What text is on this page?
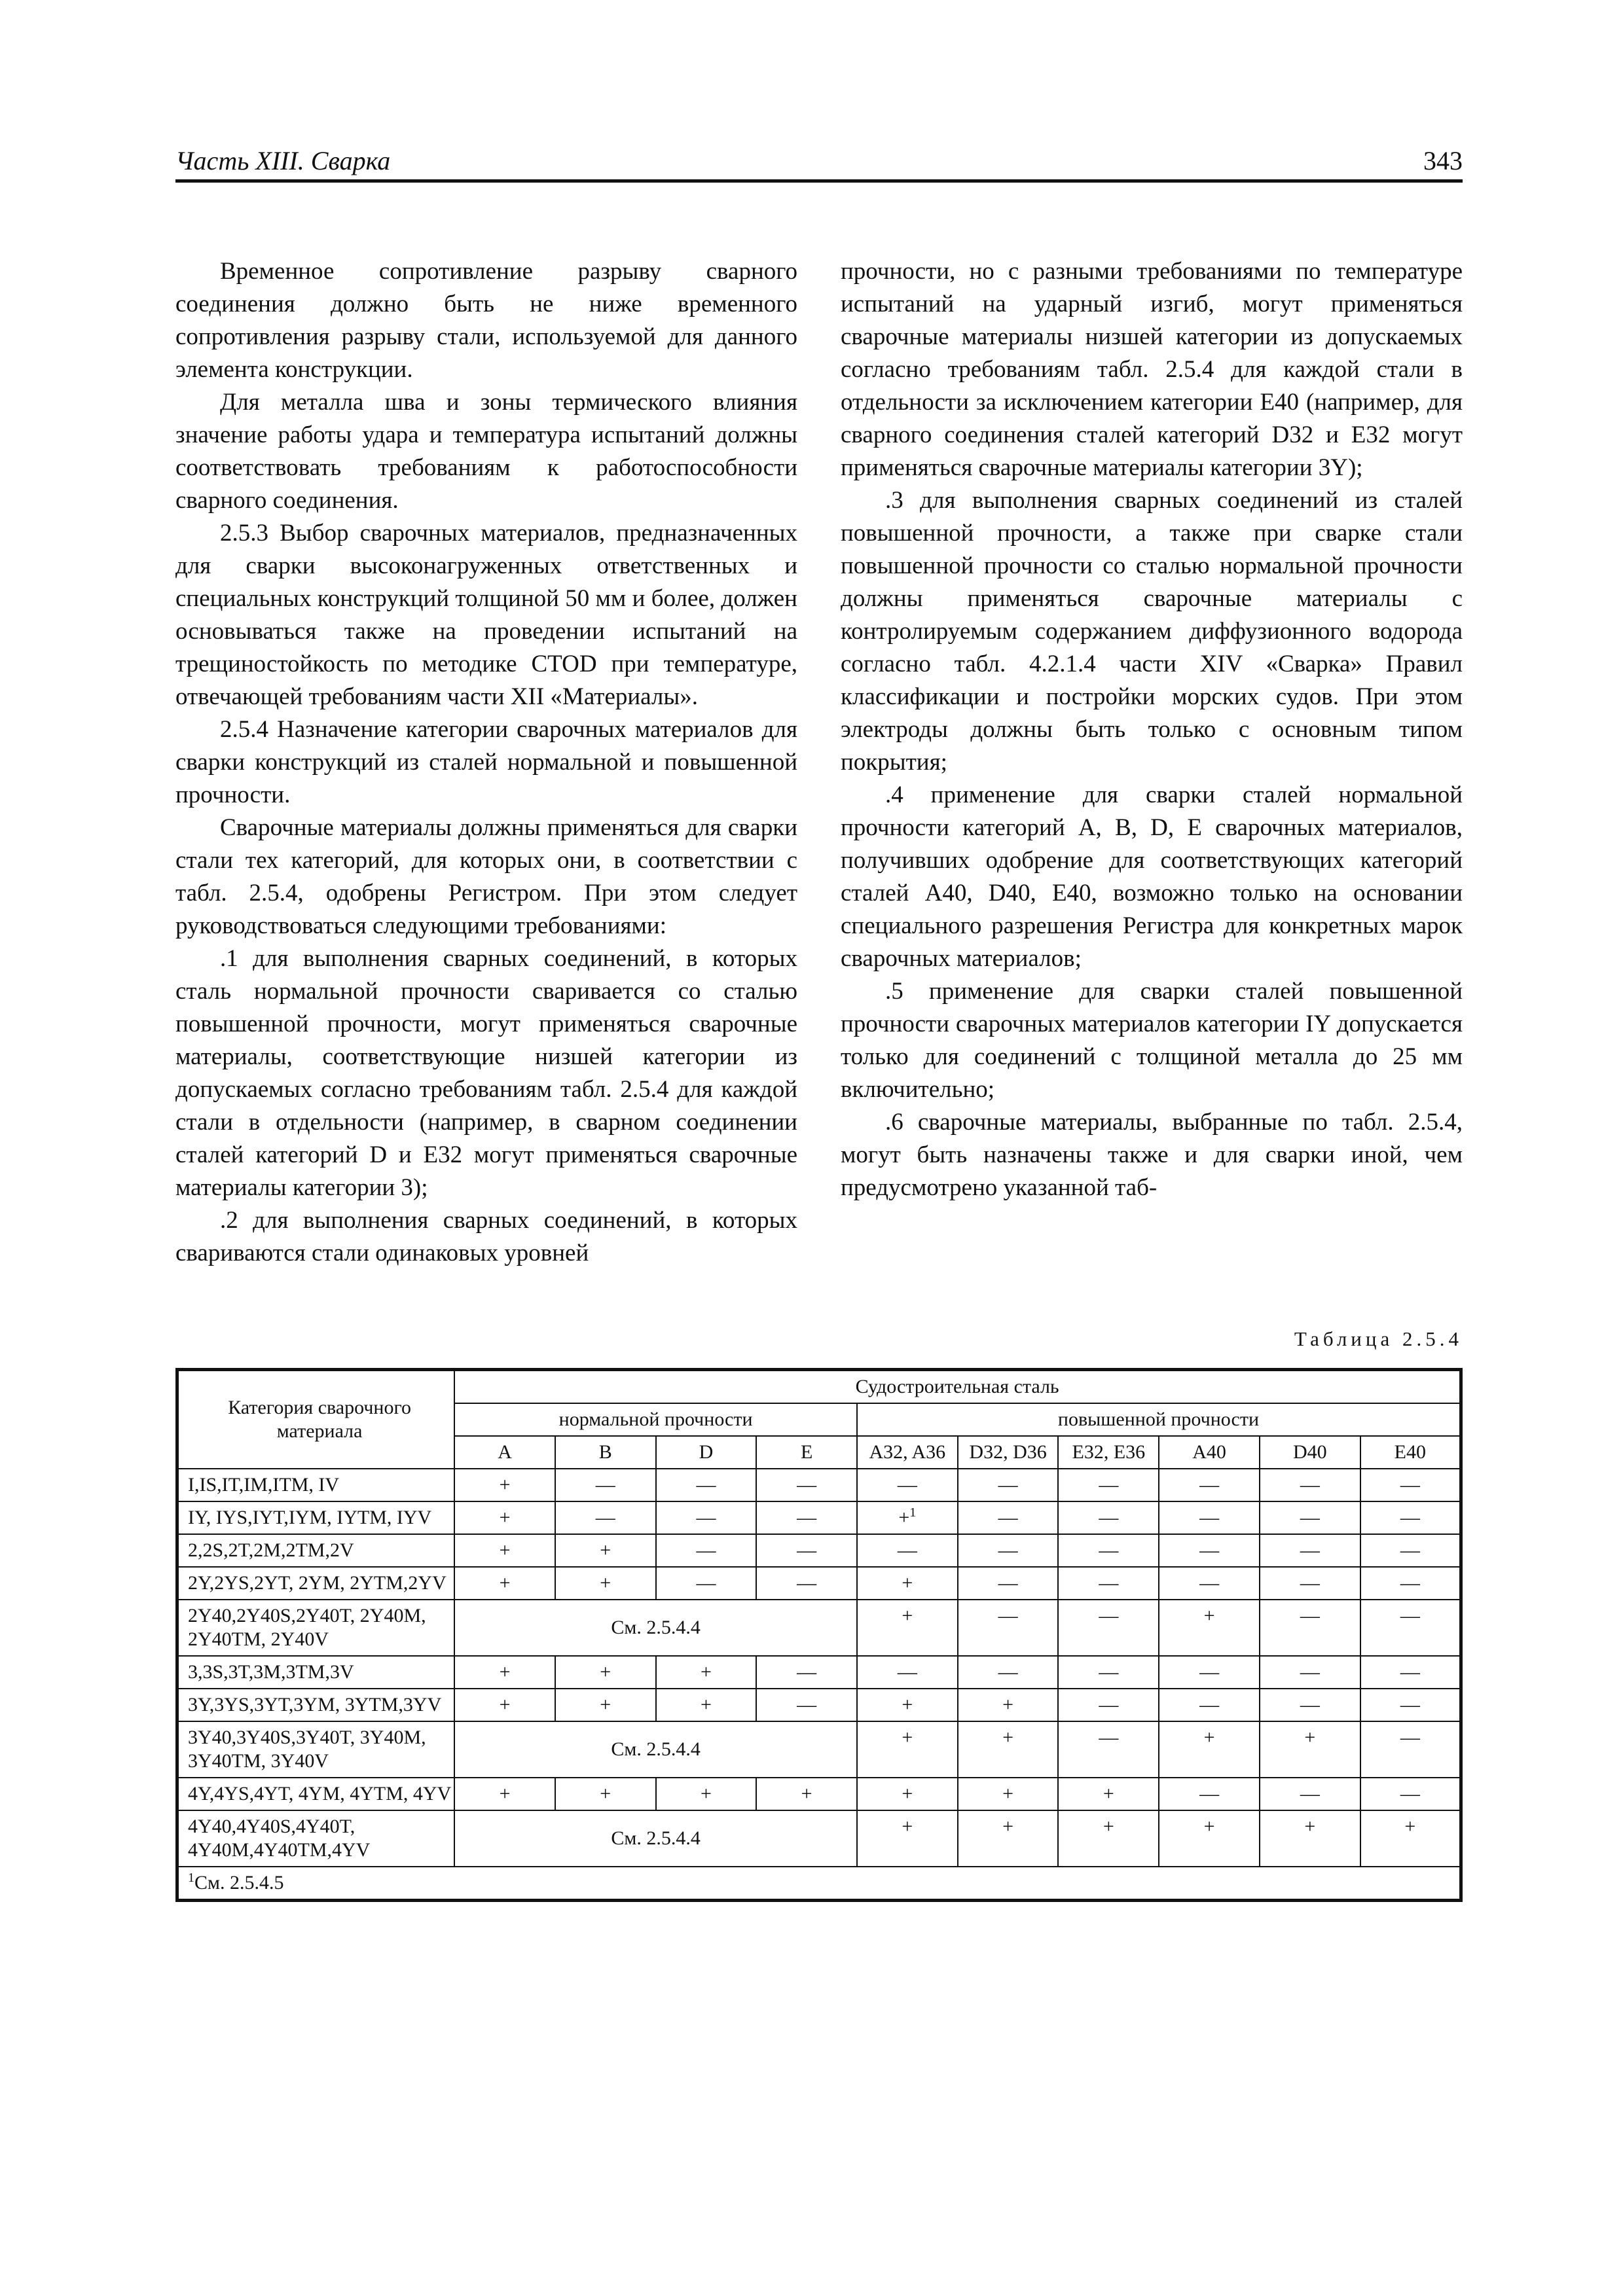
Часть XIII. Сварка	343

Временное сопротивление разрыву сварного соединения должно быть не ниже временного сопротивления разрыву стали, используемой для данного элемента конструкции.

Для металла шва и зоны термического влияния значение работы удара и температура испытаний должны соответствовать требованиям к работоспособности сварного соединения.

2.5.3 Выбор сварочных материалов, предназначенных для сварки высоконагруженных ответственных и специальных конструкций толщиной 50 мм и более, должен основываться также на проведении испытаний на трещиностойкость по методике CTOD при температуре, отвечающей требованиям части XII «Материалы».

2.5.4 Назначение категории сварочных материалов для сварки конструкций из сталей нормальной и повышенной прочности.

Сварочные материалы должны применяться для сварки стали тех категорий, для которых они, в соответствии с табл. 2.5.4, одобрены Регистром. При этом следует руководствоваться следующими требованиями:

.1 для выполнения сварных соединений, в которых сталь нормальной прочности сваривается со сталью повышенной прочности, могут применяться сварочные материалы, соответствующие низшей категории из допускаемых согласно требованиям табл. 2.5.4 для каждой стали в отдельности (например, в сварном соединении сталей категорий D и E32 могут применяться сварочные материалы категории 3);

.2 для выполнения сварных соединений, в которых свариваются стали одинаковых уровней

прочности, но с разными требованиями по температуре испытаний на ударный изгиб, могут применяться сварочные материалы низшей категории из допускаемых согласно требованиям табл. 2.5.4 для каждой стали в отдельности за исключением категории E40 (например, для сварного соединения сталей категорий D32 и E32 могут применяться сварочные материалы категории 3Y);

.3 для выполнения сварных соединений из сталей повышенной прочности, а также при сварке стали повышенной прочности со сталью нормальной прочности должны применяться сварочные материалы с контролируемым содержанием диффузионного водорода согласно табл. 4.2.1.4 части XIV «Сварка» Правил классификации и постройки морских судов. При этом электроды должны быть только с основным типом покрытия;

.4 применение для сварки сталей нормальной прочности категорий A, B, D, E сварочных материалов, получивших одобрение для соответствующих категорий сталей A40, D40, E40, возможно только на основании специального разрешения Регистра для конкретных марок сварочных материалов;

.5 применение для сварки сталей повышенной прочности сварочных материалов категории IY допускается только для соединений с толщиной металла до 25 мм включительно;

.6 сварочные материалы, выбранные по табл. 2.5.4, могут быть назначены также и для сварки иной, чем предусмотрено указанной таб-

Таблица 2.5.4
Категория сварочного материала	Судостроительная сталь									
	нормальной прочности				повышенной прочности					
	A	B	D	E	A32, A36	D32, D36	E32, E36	A40	D40	E40
I,IS,IT,IM,ITM, IV	+	—	—	—	—	—	—	—	—	—
IY, IYS,IYT,IYM, IYTM, IYV	+	—	—	—	+$^1$	—	—	—	—	—
2,2S,2T,2M,2TM,2V	+	+	—	—	—	—	—	—	—	—
2Y,2YS,2YT, 2YM, 2YTM,2YV	+	+	—	—	+	—	—	—	—	—
2Y40,2Y40S,2Y40T, 2Y40M, 2Y40TM, 2Y40V	См. 2.5.4.4				+	—	—	+	—	—
3,3S,3T,3M,3TM,3V	+	+	+	—	—	—	—	—	—	—
3Y,3YS,3YT,3YM, 3YTM,3YV	+	+	+	—	+	+	—	—	—	—
3Y40,3Y40S,3Y40T, 3Y40M, 3Y40TM, 3Y40V	См. 2.5.4.4				+	+	—	+	+	—
4Y,4YS,4YT, 4YM, 4YTM, 4YV	+	+	+	+	+	+	+	—	—	—
4Y40,4Y40S,4Y40T, 4Y40M,4Y40TM,4YV	См. 2.5.4.4				+	+	+	+	+	+
$^1$См. 2.5.4.5										
